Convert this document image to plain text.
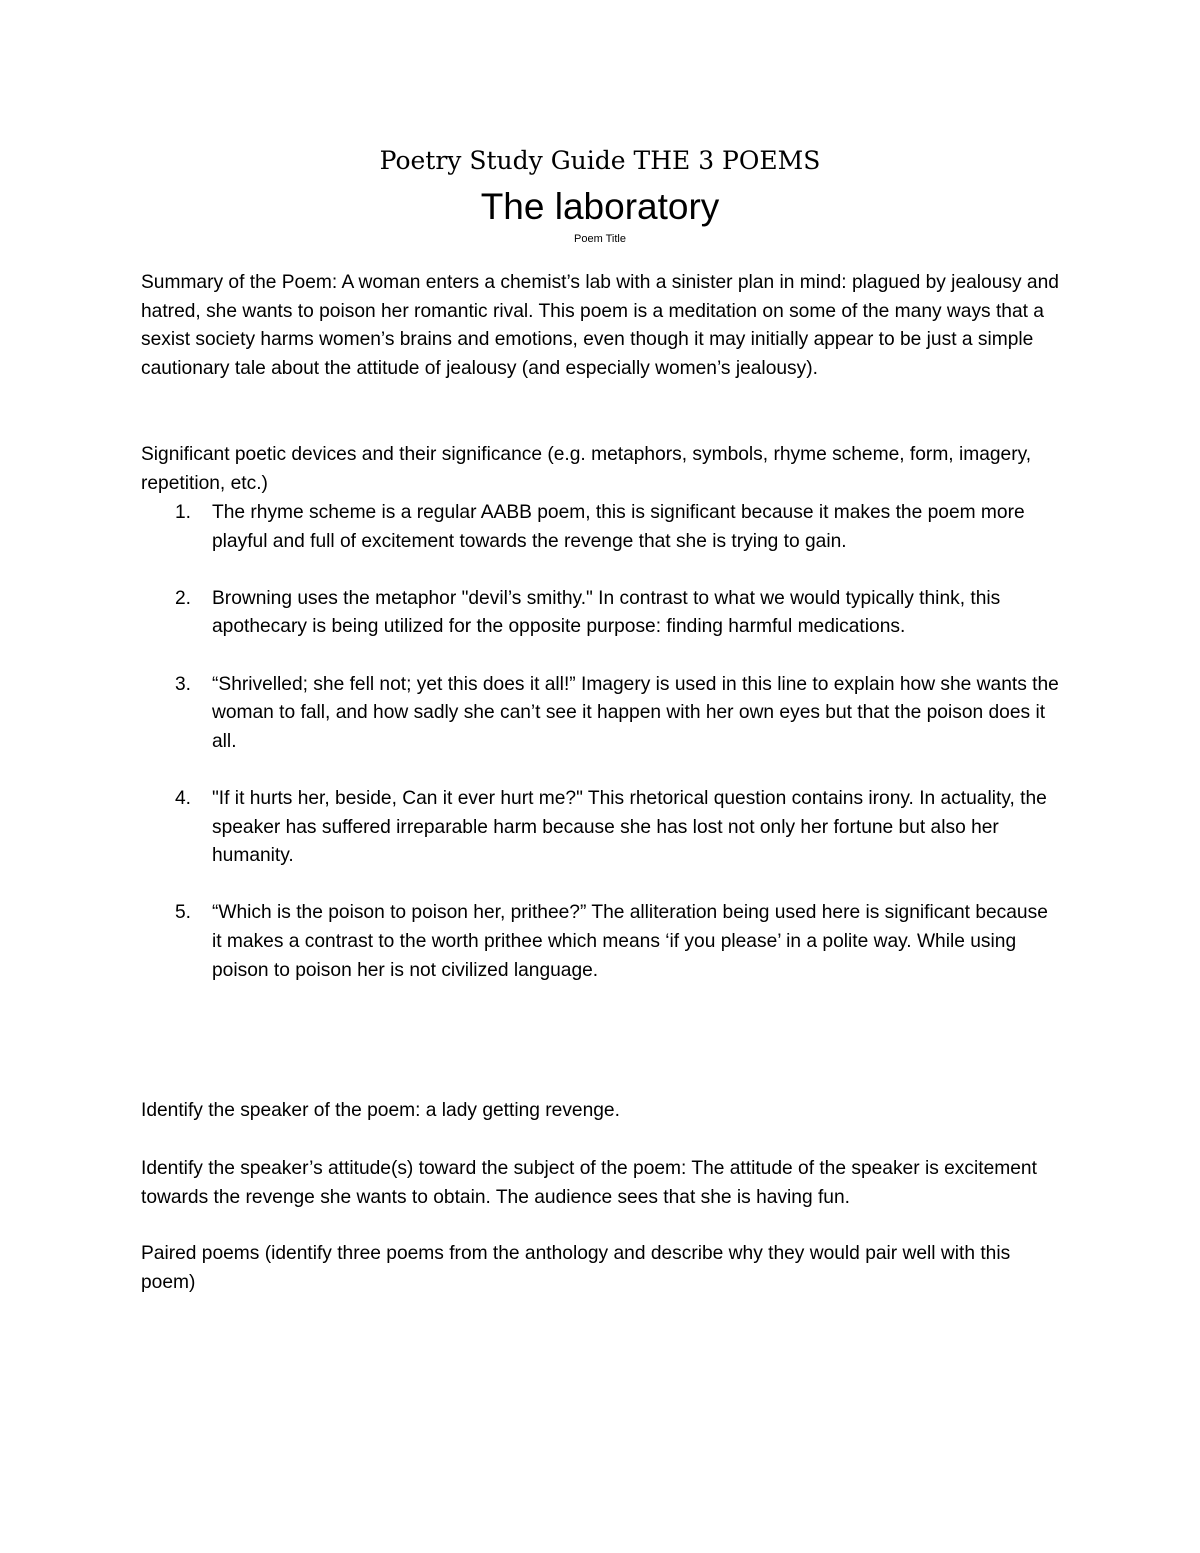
Poetry Study Guide THE 3 POEMS
The laboratory
Poem Title
Summary of the Poem: A woman enters a chemist’s lab with a sinister plan in mind: plagued by jealousy and hatred, she wants to poison her romantic rival. This poem is a meditation on some of the many ways that a sexist society harms women’s brains and emotions, even though it may initially appear to be just a simple cautionary tale about the attitude of jealousy (and especially women’s jealousy).
Significant poetic devices and their significance (e.g. metaphors, symbols, rhyme scheme, form, imagery, repetition, etc.)
1. The rhyme scheme is a regular AABB poem, this is significant because it makes the poem more playful and full of excitement towards the revenge that she is trying to gain.
2. Browning uses the metaphor "devil’s smithy." In contrast to what we would typically think, this apothecary is being utilized for the opposite purpose: finding harmful medications.
3. “Shrivelled; she fell not; yet this does it all!” Imagery is used in this line to explain how she wants the woman to fall, and how sadly she can’t see it happen with her own eyes but that the poison does it all.
4. "If it hurts her, beside, Can it ever hurt me?" This rhetorical question contains irony. In actuality, the speaker has suffered irreparable harm because she has lost not only her fortune but also her humanity.
5. “Which is the poison to poison her, prithee?” The alliteration being used here is significant because it makes a contrast to the worth prithee which means ‘if you please’ in a polite way. While using poison to poison her is not civilized language.
Identify the speaker of the poem: a lady getting revenge.
Identify the speaker’s attitude(s) toward the subject of the poem: The attitude of the speaker is excitement towards the revenge she wants to obtain. The audience sees that she is having fun.
Paired poems (identify three poems from the anthology and describe why they would pair well with this poem)
